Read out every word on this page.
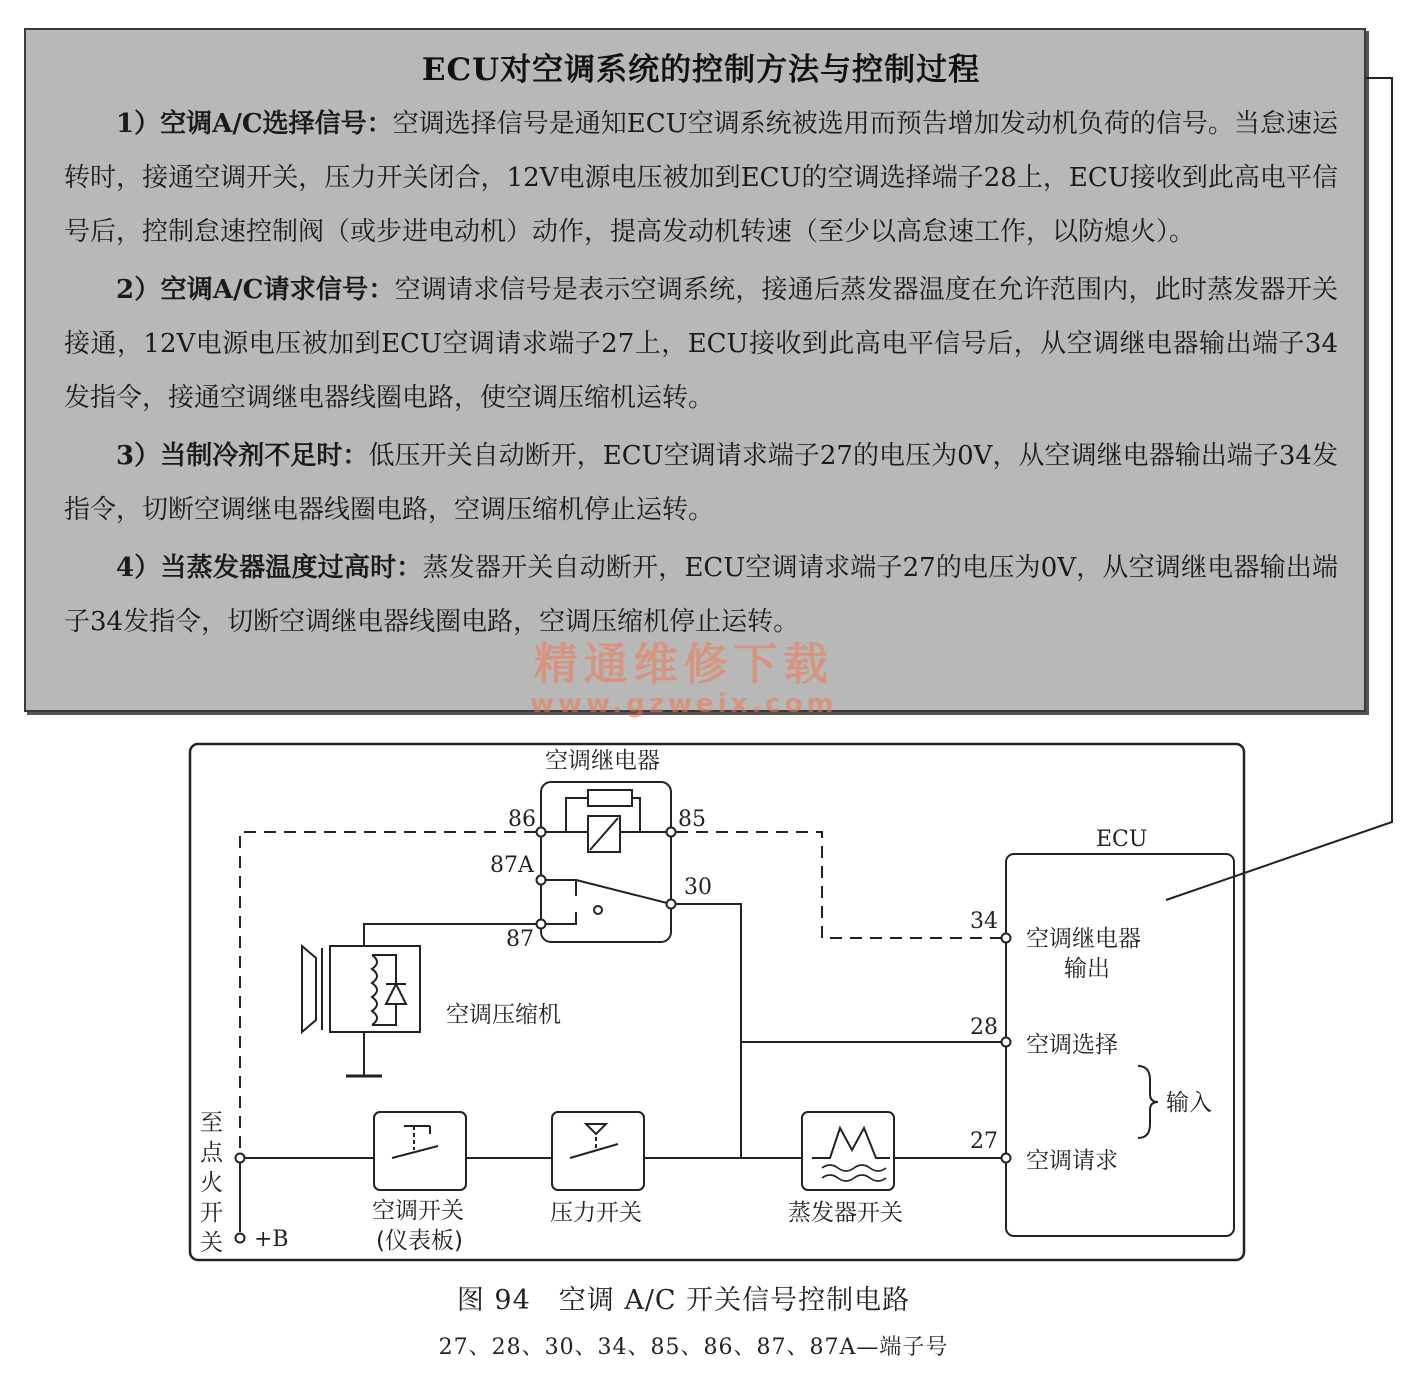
ECU对空调系统的控制方法与控制过程

1）空调A/C选择信号：空调选择信号是通知ECU空调系统被选用而预告增加发动机负荷的信号。当怠速运转时，接通空调开关，压力开关闭合，12V电源电压被加到ECU的空调选择端子28上，ECU接收到此高电平信号后，控制怠速控制阀（或步进电动机）动作，提高发动机转速（至少以高怠速工作，以防熄火）。

2）空调A/C请求信号：空调请求信号是表示空调系统，接通后蒸发器温度在允许范围内，此时蒸发器开关接通，12V电源电压被加到ECU空调请求端子27上，ECU接收到此高电平信号后，从空调继电器输出端子34发指令，接通空调继电器线圈电路，使空调压缩机运转。

3）当制冷剂不足时：低压开关自动断开，ECU空调请求端子27的电压为0V，从空调继电器输出端子34发指令，切断空调继电器线圈电路，空调压缩机停止运转。

4）当蒸发器温度过高时：蒸发器开关自动断开，ECU空调请求端子27的电压为0V，从空调继电器输出端子34发指令，切断空调继电器线圈电路，空调压缩机停止运转。

精通维修下载
www.gzweix.com
空调继电器
86	85
87A
30
87
空调压缩机
+B
至
点
火
开
关
空调开关
(仪表板)
压力开关	蒸发器开关
ECU
34
28
27
空调继电器
输出
空调选择
空调请求
输入
图 94　空调 A/C 开关信号控制电路
27、28、30、34、85、86、87、87A—端子号
